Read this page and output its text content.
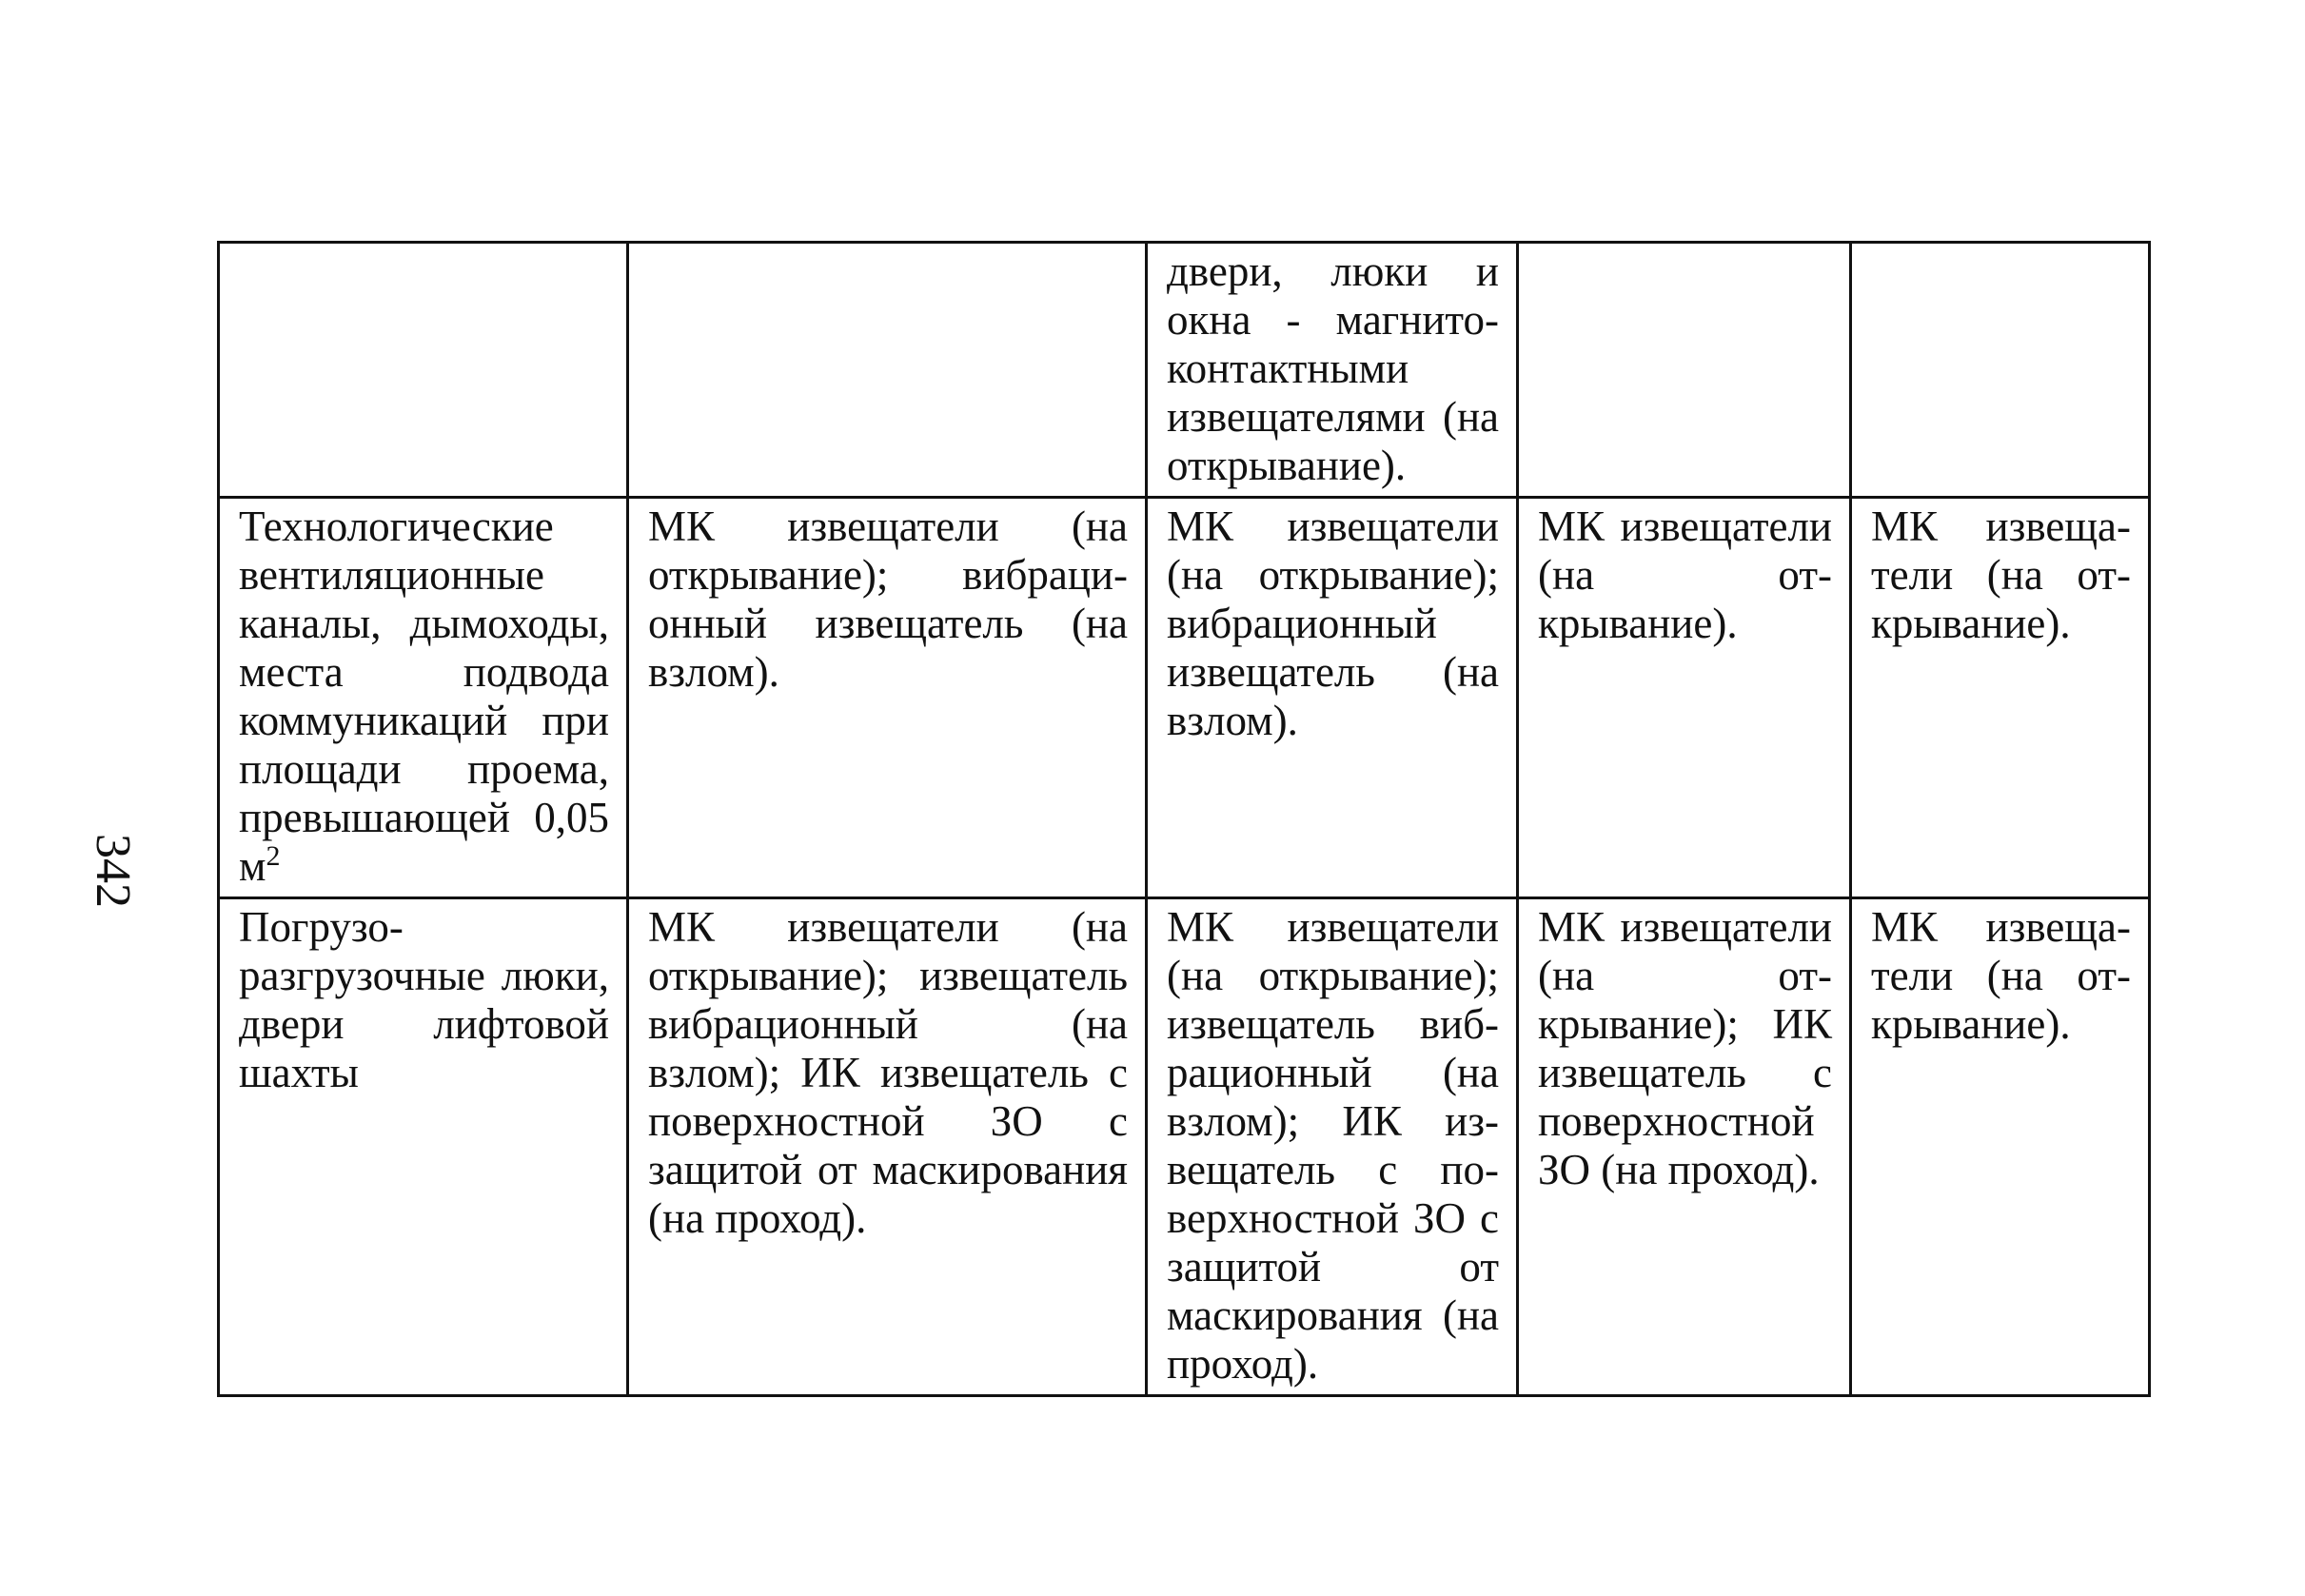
342

		двери, люки и окна - магнитоконтактными извещателями (на открывание).		

Технологические вентиляционные каналы, дымоходы, места подвода коммуникаций при площади проема, превышающей 0,05 $м^2$	МК извещатели (на открывание); вибрационный извещатель (на взлом).	МК извещатели (на открывание); вибрационный извещатель (на взлом).	МК извещатели (на открывание).	МК извещатели (на открывание).

Погрузо-разгрузочные люки, двери лифтовой шахты	МК извещатели (на открывание); извещатель вибрационный (на взлом); ИК извещатель с поверхностной ЗО с защитой от маскирования (на проход).	МК извещатели (на открывание); извещатель вибрационный (на взлом); ИК извещатель с поверхностной ЗО с защитой от маскирования (на проход).	МК извещатели (на открывание); ИК извещатель с поверхностной ЗО (на проход).	МК извещатели (на открывание).
